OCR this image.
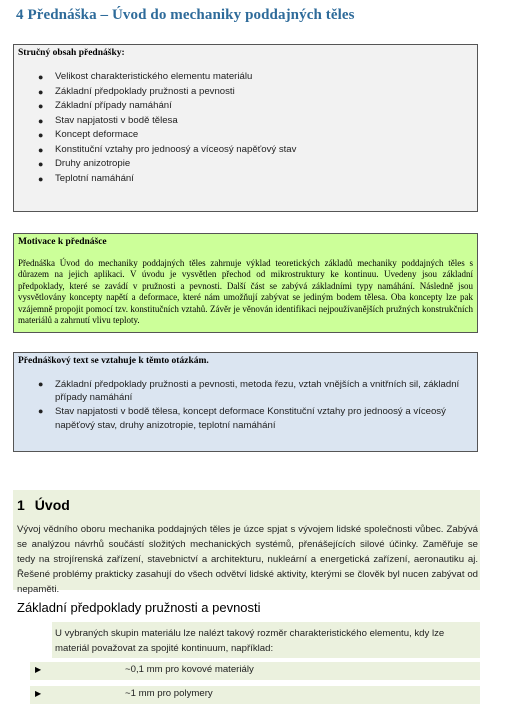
4 Přednáška – Úvod do mechaniky poddajných těles
Stručný obsah přednášky:
● Velikost charakteristického elementu materiálu
● Základní předpoklady pružnosti a pevnosti
● Základní případy namáhání
● Stav napjatosti v bodě tělesa
● Koncept deformace
● Konstituční vztahy pro jednoosý a víceosý napěťový stav
● Druhy anizotropie
● Teplotní namáhání
Motivace k přednášce
Přednáška Úvod do mechaniky poddajných těles zahrnuje výklad teoretických základů mechaniky poddajných těles s důrazem na jejich aplikaci. V úvodu je vysvětlen přechod od mikrostruktury ke kontinuu. Uvedeny jsou základní předpoklady, které se zavádí v pružnosti a pevnosti. Další část se zabývá základními typy namáhání. Následně jsou vysvětlovány koncepty napětí a deformace, které nám umožňují zabývat se jediným bodem tělesa. Oba koncepty lze pak vzájemně propojit pomocí tzv. konstitučních vztahů. Závěr je věnován identifikaci nejpoužívanějších pružných konstrukčních materiálů a zahrnutí vlivu teploty.
Přednáškový text se vztahuje k těmto otázkám.
● Základní předpoklady pružnosti a pevnosti, metoda řezu, vztah vnějších a vnitřních sil, základní případy namáhání
● Stav napjatosti v bodě tělesa, koncept deformace Konstituční vztahy pro jednoosý a víceosý napěťový stav, druhy anizotropie, teplotní namáhání
1 Úvod
Vývoj vědního oboru mechanika poddajných těles je úzce spjat s vývojem lidské společnosti vůbec. Zabývá se analýzou návrhů součástí složitých mechanických systémů, přenášejících silové účinky. Zaměřuje se tedy na strojírenská zařízení, stavebnictví a architekturu, nukleární a energetická zařízení, aeronautiku aj. Řešené problémy prakticky zasahují do všech odvětví lidské aktivity, kterými se člověk byl nucen zabývat od nepaměti.
Základní předpoklady pružnosti a pevnosti
U vybraných skupin materiálu lze nalézt takový rozměr charakteristického elementu, kdy lze materiál považovat za spojité kontinuum, například:
▶	~0,1 mm pro kovové materiály
▶	~1 mm pro polymery
